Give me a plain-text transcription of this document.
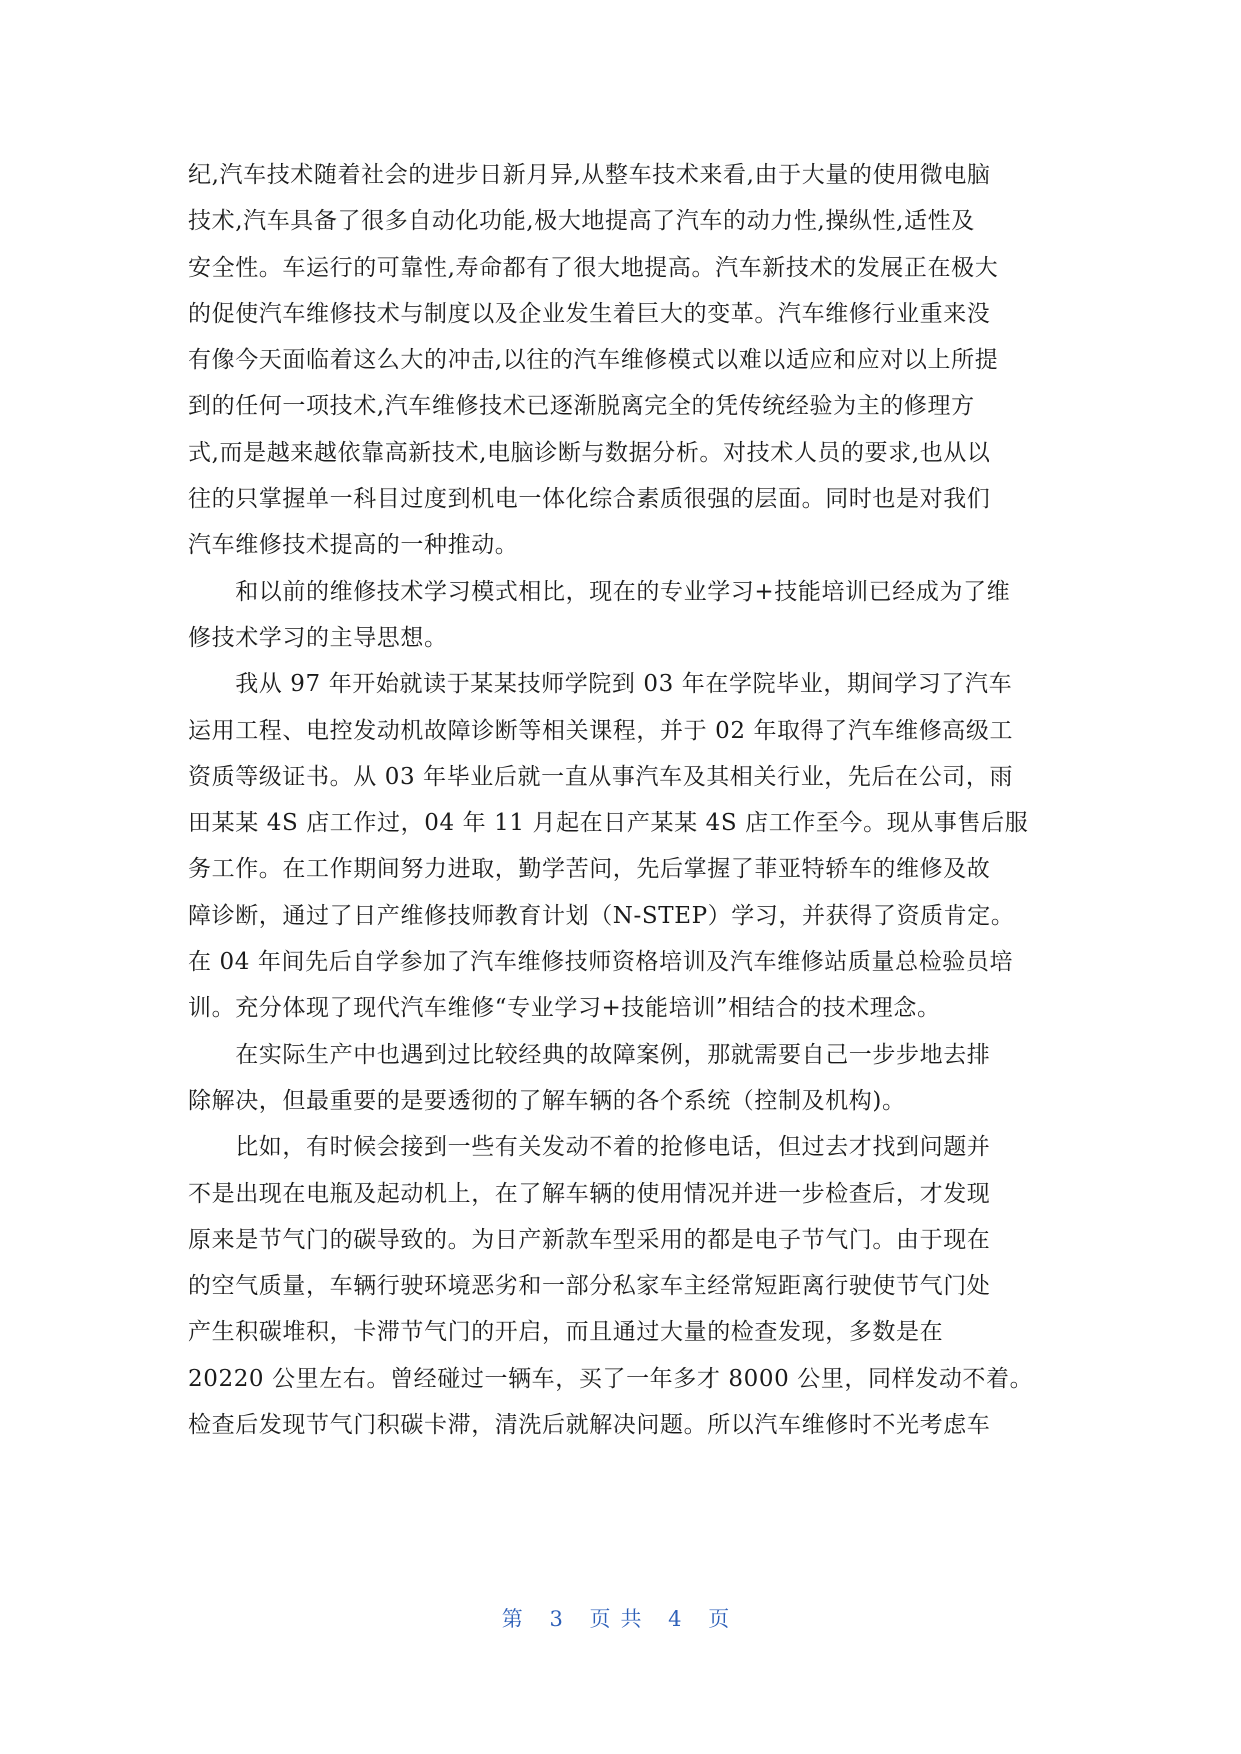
纪,汽车技术随着社会的进步日新月异,从整车技术来看,由于大量的使用微电脑
技术,汽车具备了很多自动化功能,极大地提高了汽车的动力性,操纵性,适性及
安全性。车运行的可靠性,寿命都有了很大地提高。汽车新技术的发展正在极大
的促使汽车维修技术与制度以及企业发生着巨大的变革。汽车维修行业重来没
有像今天面临着这么大的冲击,以往的汽车维修模式以难以适应和应对以上所提
到的任何一项技术,汽车维修技术已逐渐脱离完全的凭传统经验为主的修理方
式,而是越来越依靠高新技术,电脑诊断与数据分析。对技术人员的要求,也从以
往的只掌握单一科目过度到机电一体化综合素质很强的层面。同时也是对我们
汽车维修技术提高的一种推动。
　　和以前的维修技术学习模式相比，现在的专业学习+技能培训已经成为了维
修技术学习的主导思想。
　　我从 97 年开始就读于某某技师学院到 03 年在学院毕业，期间学习了汽车
运用工程、电控发动机故障诊断等相关课程，并于 02 年取得了汽车维修高级工
资质等级证书。从 03 年毕业后就一直从事汽车及其相关行业，先后在公司，雨
田某某 4S 店工作过，04 年 11 月起在日产某某 4S 店工作至今。现从事售后服
务工作。在工作期间努力进取，勤学苦问，先后掌握了菲亚特轿车的维修及故
障诊断，通过了日产维修技师教育计划（N-STEP）学习，并获得了资质肯定。
在 04 年间先后自学参加了汽车维修技师资格培训及汽车维修站质量总检验员培
训。充分体现了现代汽车维修“专业学习+技能培训”相结合的技术理念。
　　在实际生产中也遇到过比较经典的故障案例，那就需要自己一步步地去排
除解决，但最重要的是要透彻的了解车辆的各个系统（控制及机构)。
　　比如，有时候会接到一些有关发动不着的抢修电话，但过去才找到问题并
不是出现在电瓶及起动机上，在了解车辆的使用情况并进一步检查后，才发现
原来是节气门的碳导致的。为日产新款车型采用的都是电子节气门。由于现在
的空气质量，车辆行驶环境恶劣和一部分私家车主经常短距离行驶使节气门处
产生积碳堆积，卡滞节气门的开启，而且通过大量的检查发现，多数是在
20220 公里左右。曾经碰过一辆车，买了一年多才 8000 公里，同样发动不着。
检查后发现节气门积碳卡滞，清洗后就解决问题。所以汽车维修时不光考虑车
第 3 页共 4 页
